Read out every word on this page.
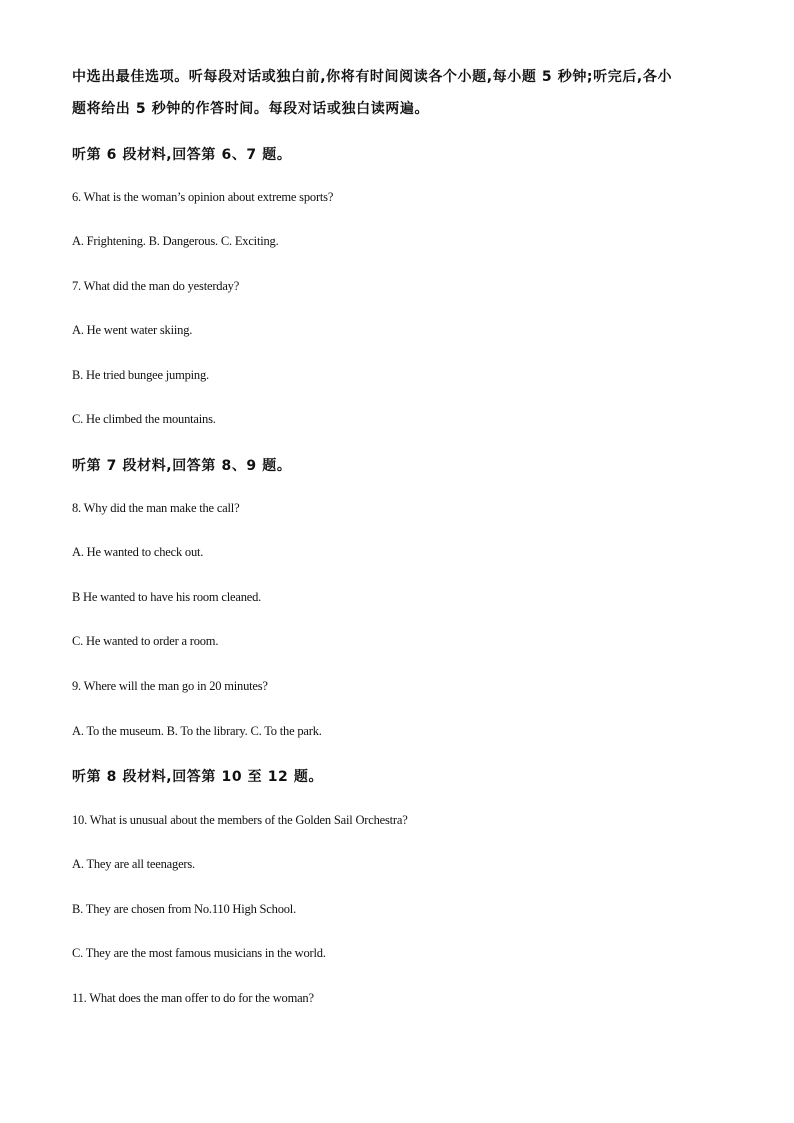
中选出最佳选项。听每段对话或独白前,你将有时间阅读各个小题,每小题 5 秒钟;听完后,各小
题将给出 5 秒钟的作答时间。每段对话或独白读两遍。
听第 6 段材料,回答第 6、7 题。
6. What is the woman’s opinion about extreme sports?
A. Frightening. B. Dangerous. C. Exciting.
7. What did the man do yesterday?
A. He went water skiing.
B. He tried bungee jumping.
C. He climbed the mountains.
听第 7 段材料,回答第 8、9 题。
8. Why did the man make the call?
A. He wanted to check out.
B He wanted to have his room cleaned.
C. He wanted to order a room.
9. Where will the man go in 20 minutes?
A. To the museum. B. To the library. C. To the park.
听第 8 段材料,回答第 10 至 12 题。
10. What is unusual about the members of the Golden Sail Orchestra?
A. They are all teenagers.
B. They are chosen from No.110 High School.
C. They are the most famous musicians in the world.
11. What does the man offer to do for the woman?
